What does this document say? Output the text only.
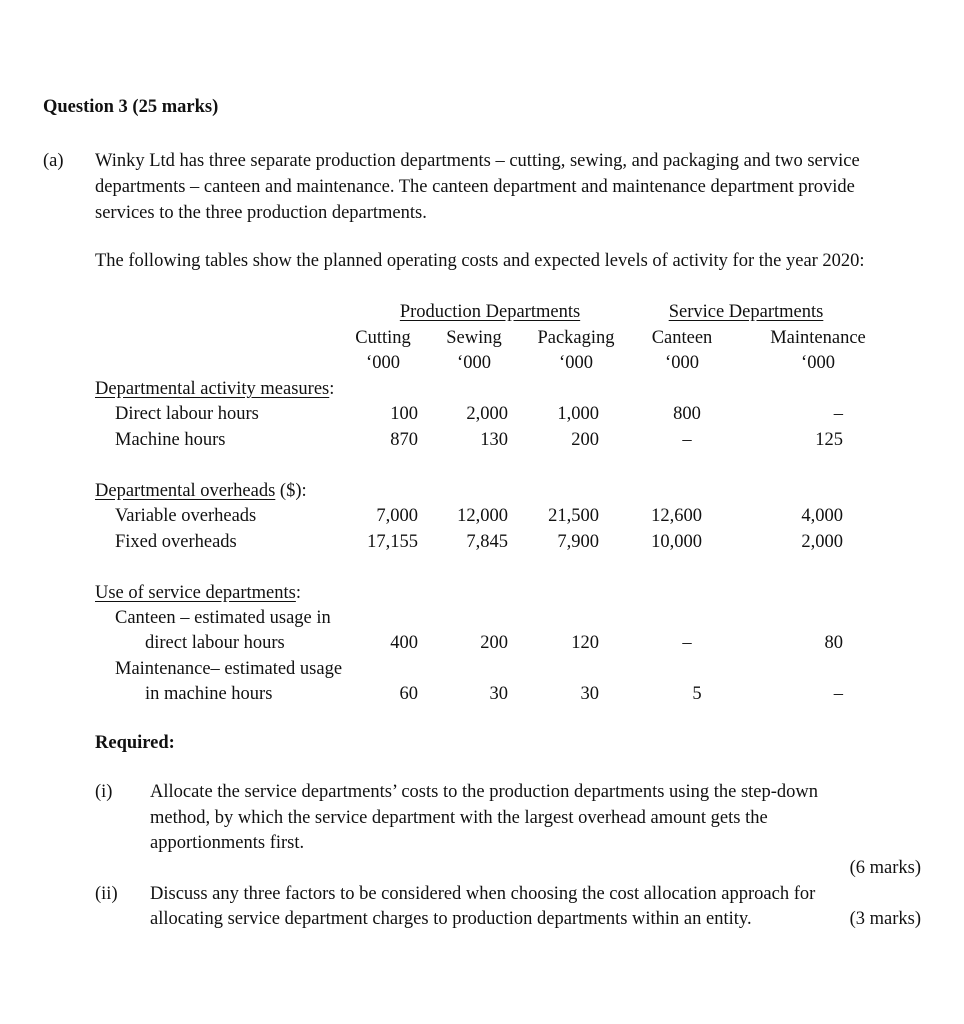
Question 3 (25 marks)
(a) Winky Ltd has three separate production departments – cutting, sewing, and packaging and two service
departments – canteen and maintenance. The canteen department and maintenance department provide
services to the three production departments.
The following tables show the planned operating costs and expected levels of activity for the year 2020:
Production Departments	Service Departments
Cutting	Sewing	Packaging	Canteen	Maintenance
‘000	‘000	‘000	‘000	‘000
Departmental activity measures:
Direct labour hours	100	2,000	1,000	800	–
Machine hours	870	130	200	–	125
Departmental overheads ($):
Variable overheads	7,000	12,000	21,500	12,600	4,000
Fixed overheads	17,155	7,845	7,900	10,000	2,000
Use of service departments:
Canteen – estimated usage in
direct labour hours	400	200	120	–	80
Maintenance– estimated usage
in machine hours	60	30	30	5	–
Required:
(i) Allocate the service departments’ costs to the production departments using the step-down
method, by which the service department with the largest overhead amount gets the
apportionments first.
(6 marks)
(ii) Discuss any three factors to be considered when choosing the cost allocation approach for
allocating service department charges to production departments within an entity.	(3 marks)
